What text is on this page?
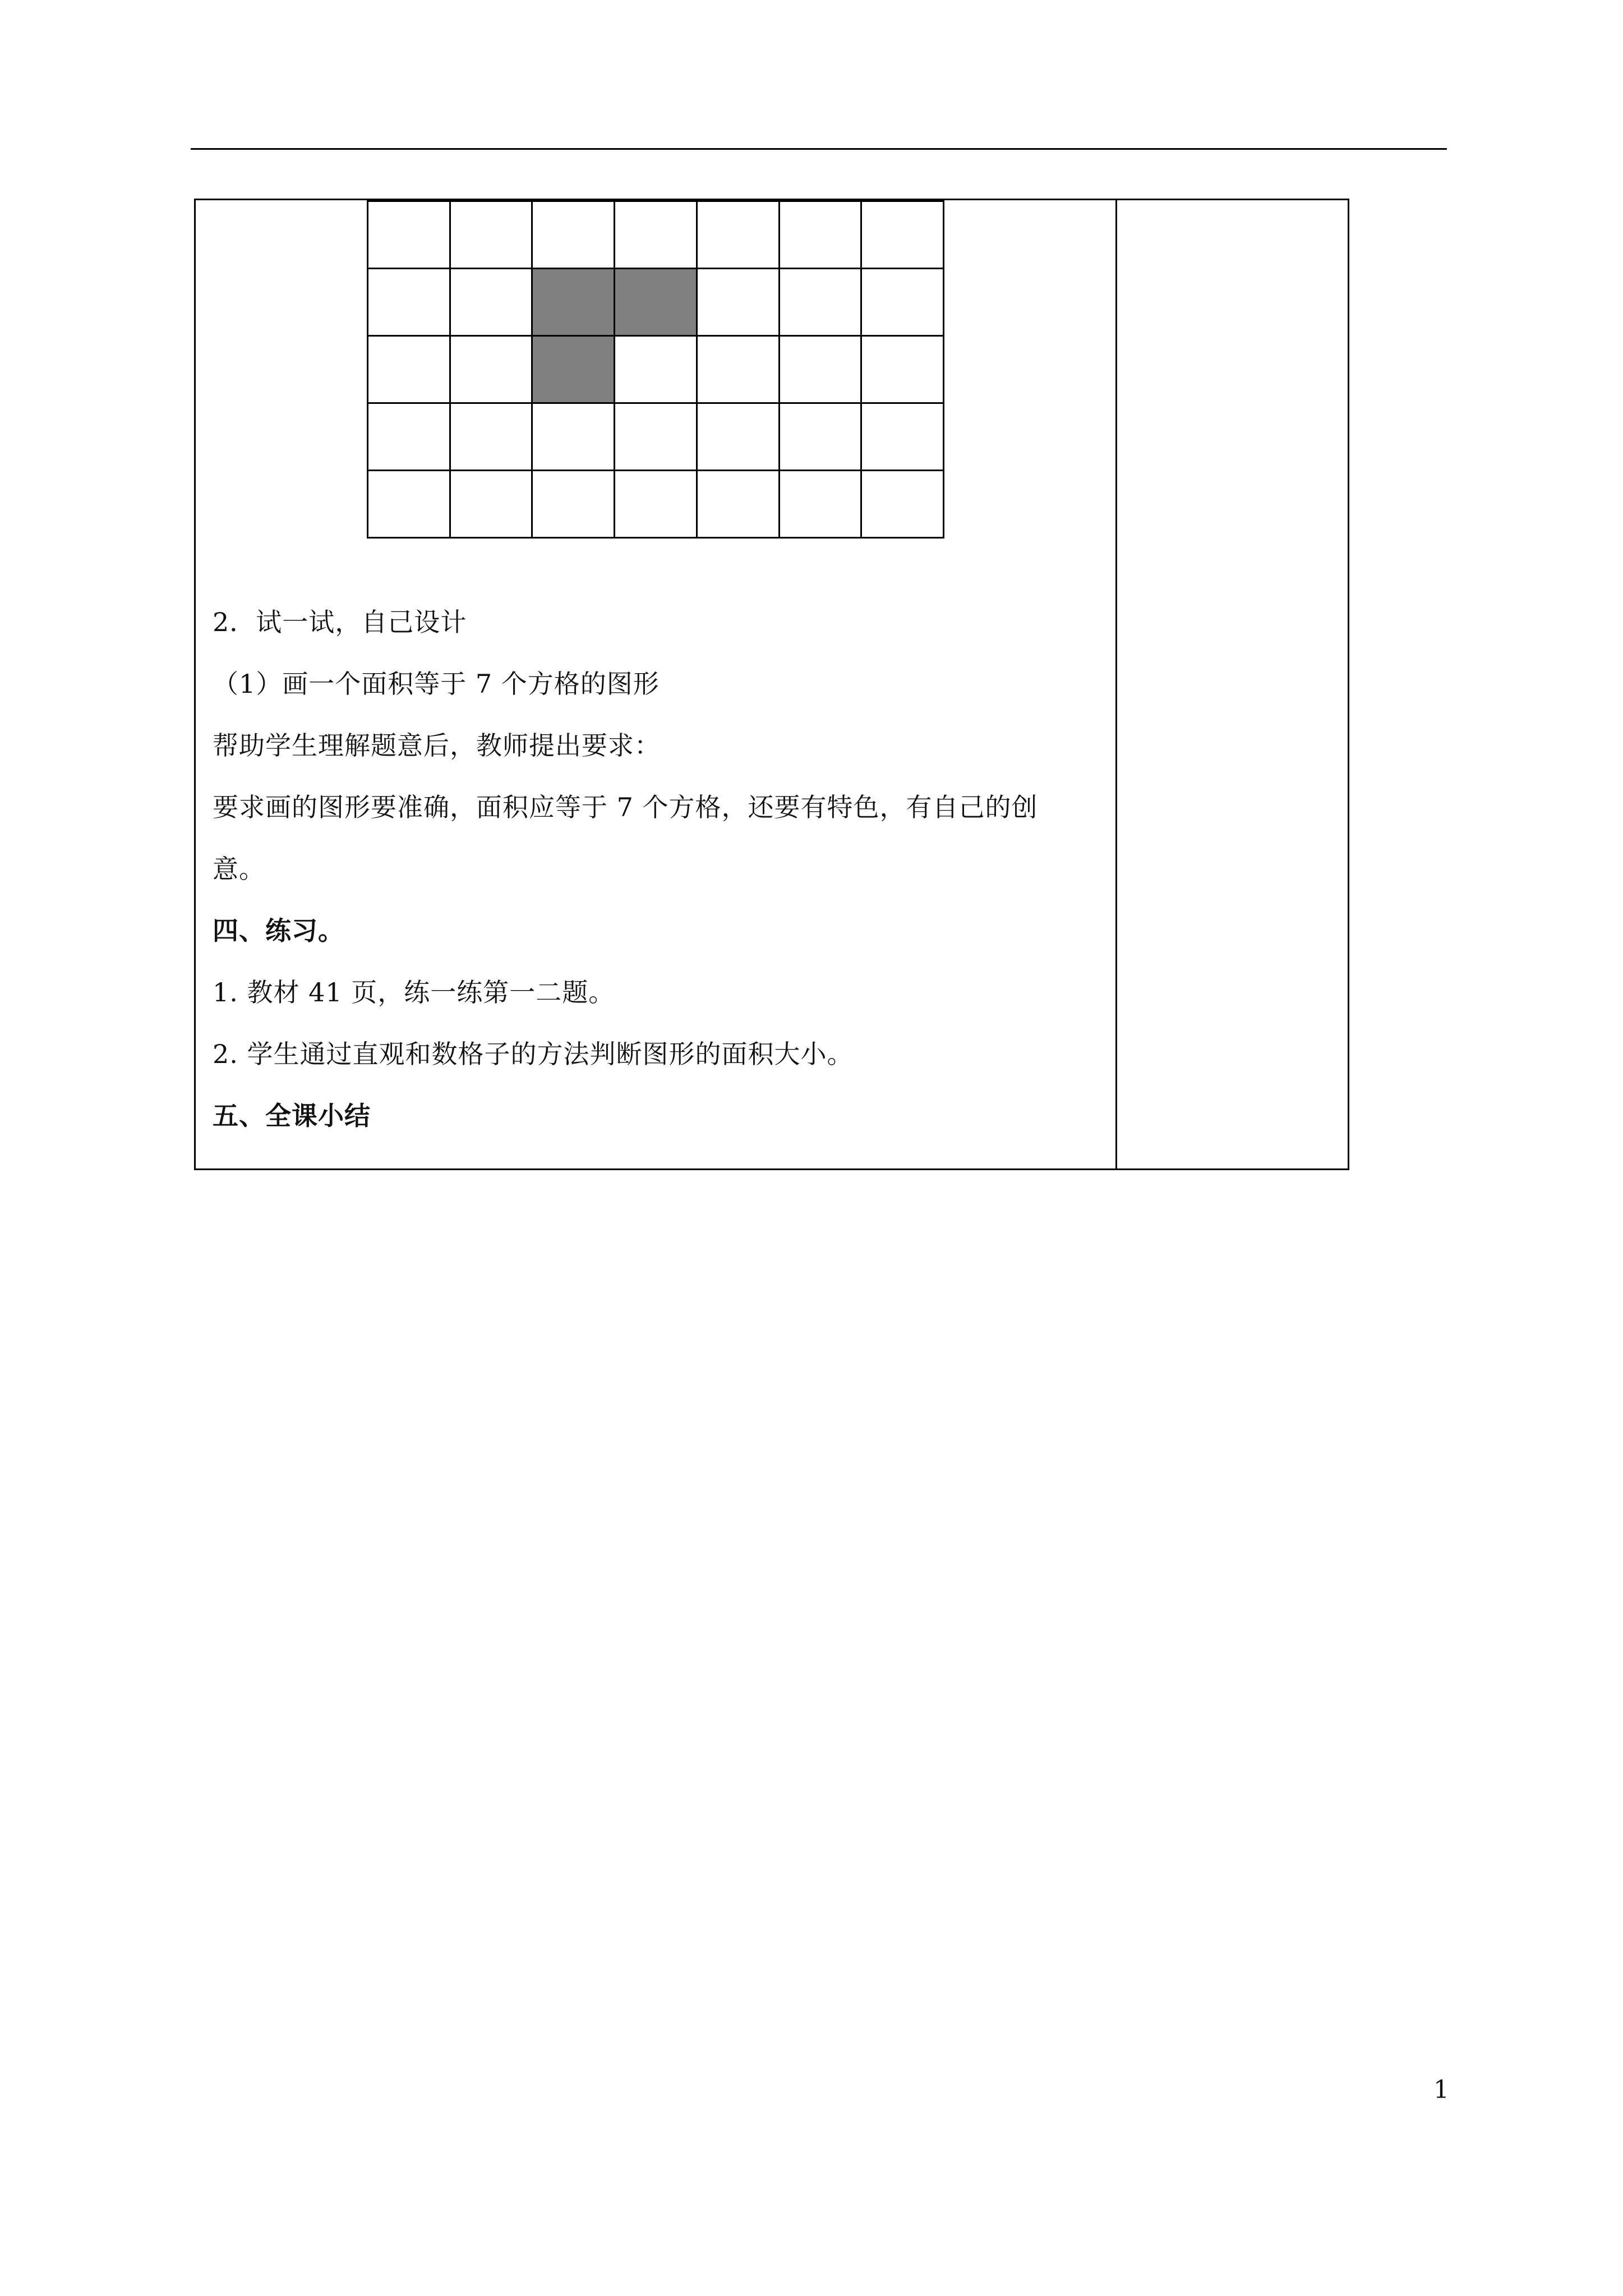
2．试一试，自己设计
（1）画一个面积等于 7 个方格的图形
帮助学生理解题意后，教师提出要求：
要求画的图形要准确，面积应等于 7 个方格，还要有特色，有自己的创
意。
四、练习。
1. 教材 41 页，练一练第一二题。
2. 学生通过直观和数格子的方法判断图形的面积大小。
五、全课小结
1
